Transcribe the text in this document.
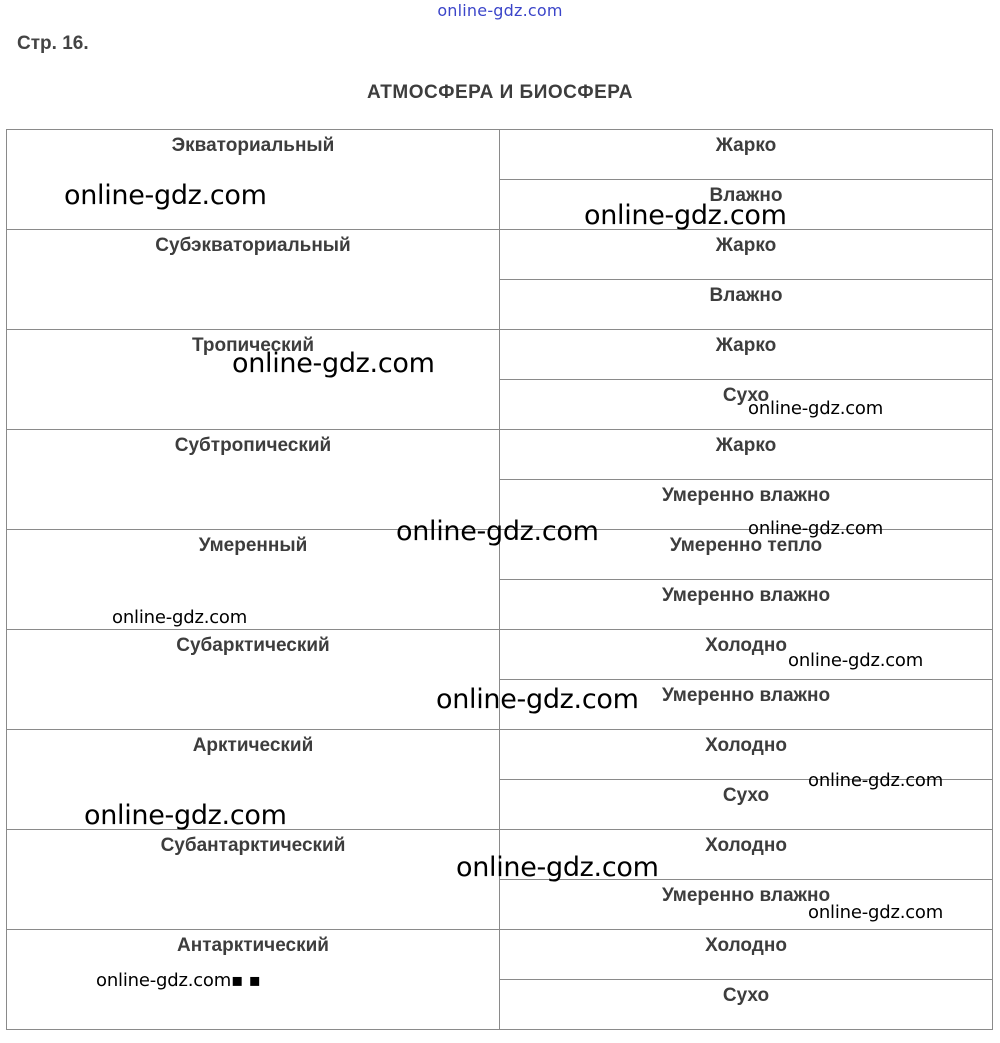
online-gdz.com
Стр. 16.
АТМОСФЕРА И БИОСФЕРА
Экваториальный	Жарко

	Влажно

Субэкваториальный	Жарко

	Влажно

Тропический	Жарко

	Сухо

Субтропический	Жарко

	Умеренно влажно

Умеренный	Умеренно тепло

	Умеренно влажно

Субарктический	Холодно

	Умеренно влажно

Арктический	Холодно

	Сухо

Субантарктический	Холодно

	Умеренно влажно

Антарктический	Холодно

	Сухо
online-gdz.com
online-gdz.com
online-gdz.com
online-gdz.com
online-gdz.com	online-gdz.com
online-gdz.com
online-gdz.com
online-gdz.com
online-gdz.com
online-gdz.com
online-gdz.com
online-gdz.com
online-gdz.com▪ ▪
